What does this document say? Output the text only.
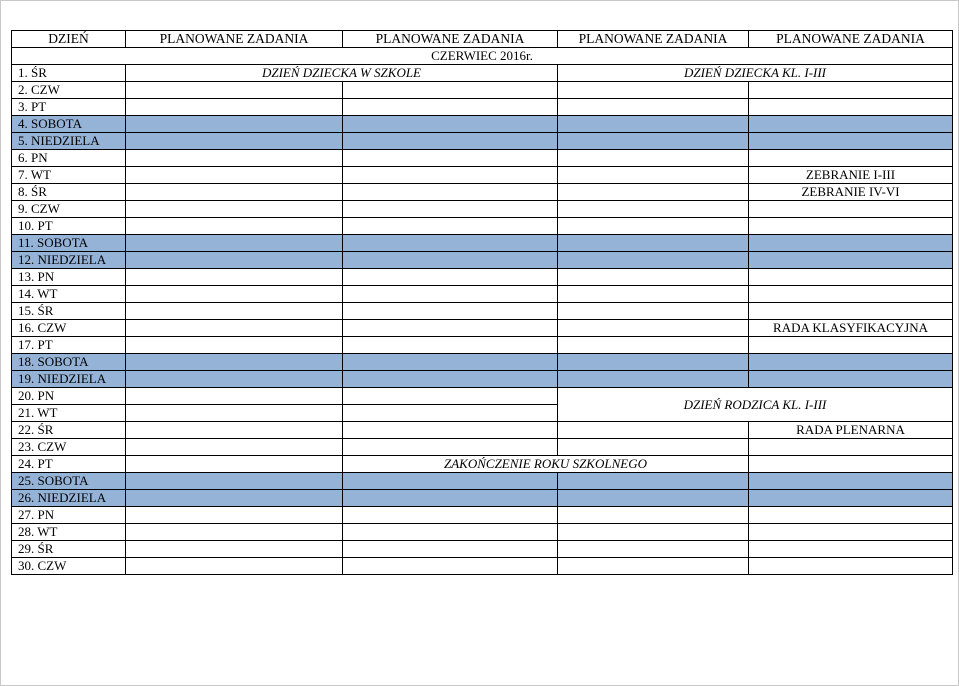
DZIEŃ	PLANOWANE ZADANIA	PLANOWANE ZADANIA	PLANOWANE ZADANIA	PLANOWANE ZADANIA
CZERWIEC 2016r.				
1. ŚR	DZIEŃ DZIECKA W SZKOLE		DZIEŃ DZIECKA KL. I-III	
2. CZW				
3. PT				
4. SOBOTA				
5. NIEDZIELA				
6. PN				
7. WT				ZEBRANIE I-III
8. ŚR				ZEBRANIE IV-VI
9. CZW				
10. PT				
11. SOBOTA				
12. NIEDZIELA				
13. PN				
14. WT				
15. ŚR				
16. CZW				RADA KLASYFIKACYJNA
17. PT				
18. SOBOTA				
19. NIEDZIELA				
20. PN			DZIEŃ RODZICA KL. I-III	
21. WT				
22. ŚR				RADA PLENARNA
23. CZW				
24. PT		ZAKOŃCZENIE ROKU SZKOLNEGO		
25. SOBOTA				
26. NIEDZIELA				
27. PN				
28. WT				
29. ŚR				
30. CZW				
